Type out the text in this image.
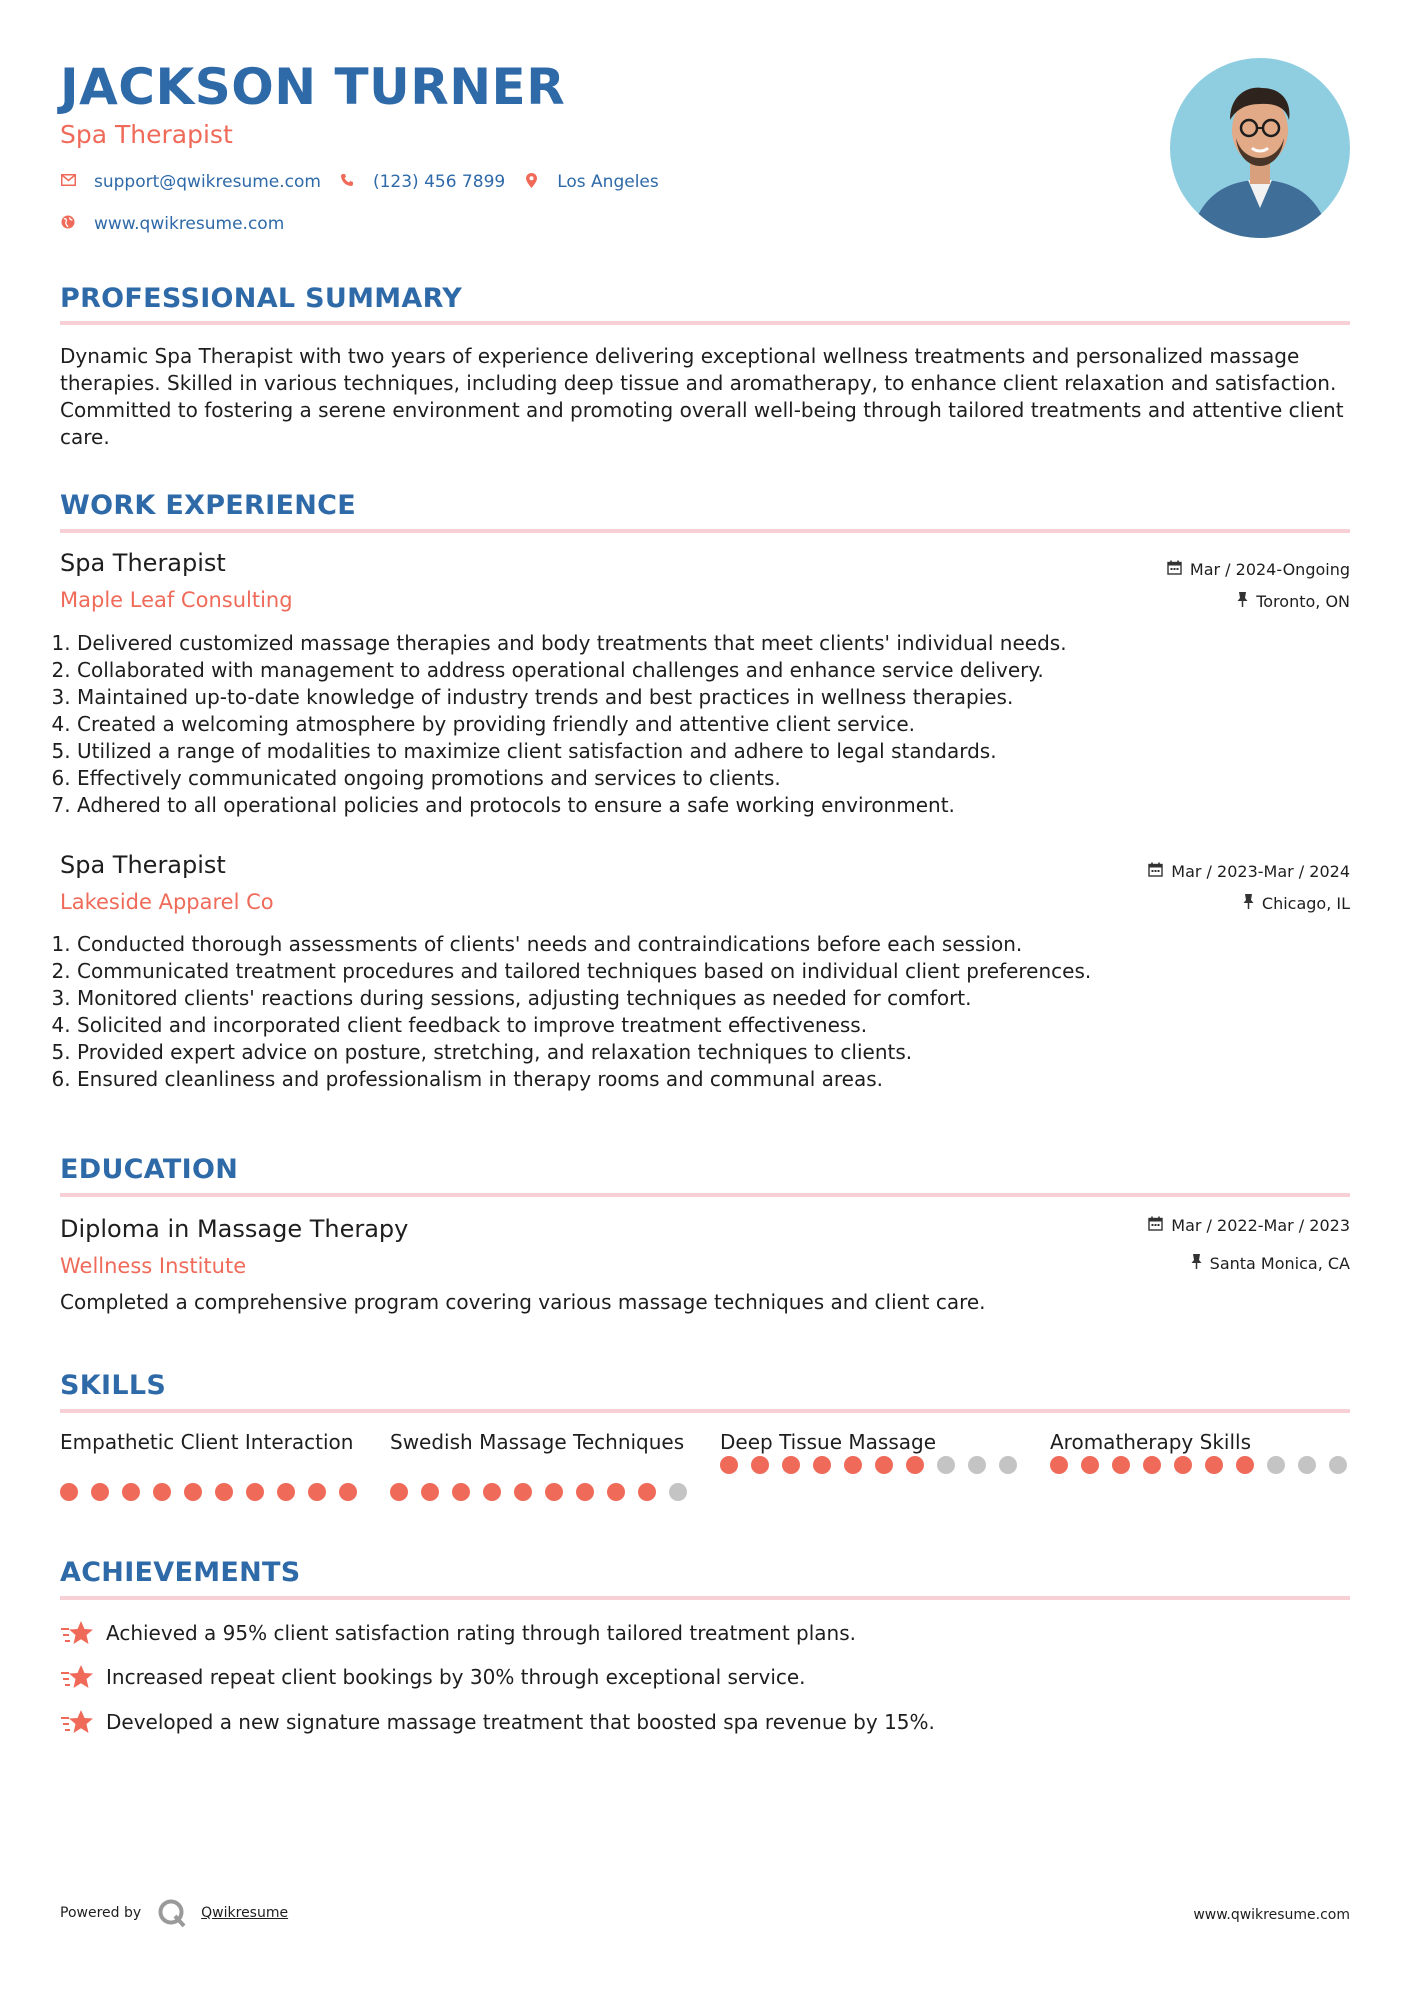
JACKSON TURNER
Spa Therapist
support@qwikresume.com	(123) 456 7899	Los Angeles
www.qwikresume.com
PROFESSIONAL SUMMARY
Dynamic Spa Therapist with two years of experience delivering exceptional wellness treatments and personalized massage therapies. Skilled in various techniques, including deep tissue and aromatherapy, to enhance client relaxation and satisfaction. Committed to fostering a serene environment and promoting overall well-being through tailored treatments and attentive client care.
WORK EXPERIENCE
Spa Therapist
Maple Leaf Consulting
Mar / 2024-Ongoing
Toronto, ON
1. Delivered customized massage therapies and body treatments that meet clients' individual needs.
2. Collaborated with management to address operational challenges and enhance service delivery.
3. Maintained up-to-date knowledge of industry trends and best practices in wellness therapies.
4. Created a welcoming atmosphere by providing friendly and attentive client service.
5. Utilized a range of modalities to maximize client satisfaction and adhere to legal standards.
6. Effectively communicated ongoing promotions and services to clients.
7. Adhered to all operational policies and protocols to ensure a safe working environment.
Spa Therapist
Lakeside Apparel Co
Mar / 2023-Mar / 2024
Chicago, IL
1. Conducted thorough assessments of clients' needs and contraindications before each session.
2. Communicated treatment procedures and tailored techniques based on individual client preferences.
3. Monitored clients' reactions during sessions, adjusting techniques as needed for comfort.
4. Solicited and incorporated client feedback to improve treatment effectiveness.
5. Provided expert advice on posture, stretching, and relaxation techniques to clients.
6. Ensured cleanliness and professionalism in therapy rooms and communal areas.
EDUCATION
Diploma in Massage Therapy
Wellness Institute
Mar / 2022-Mar / 2023
Santa Monica, CA
Completed a comprehensive program covering various massage techniques and client care.
SKILLS
Empathetic Client Interaction	Swedish Massage Techniques Deep Tissue Massage	Aromatherapy Skills
ACHIEVEMENTS
Achieved a 95% client satisfaction rating through tailored treatment plans.
Increased repeat client bookings by 30% through exceptional service.
Developed a new signature massage treatment that boosted spa revenue by 15%.
Powered by	Qwikresume	www.qwikresume.com
